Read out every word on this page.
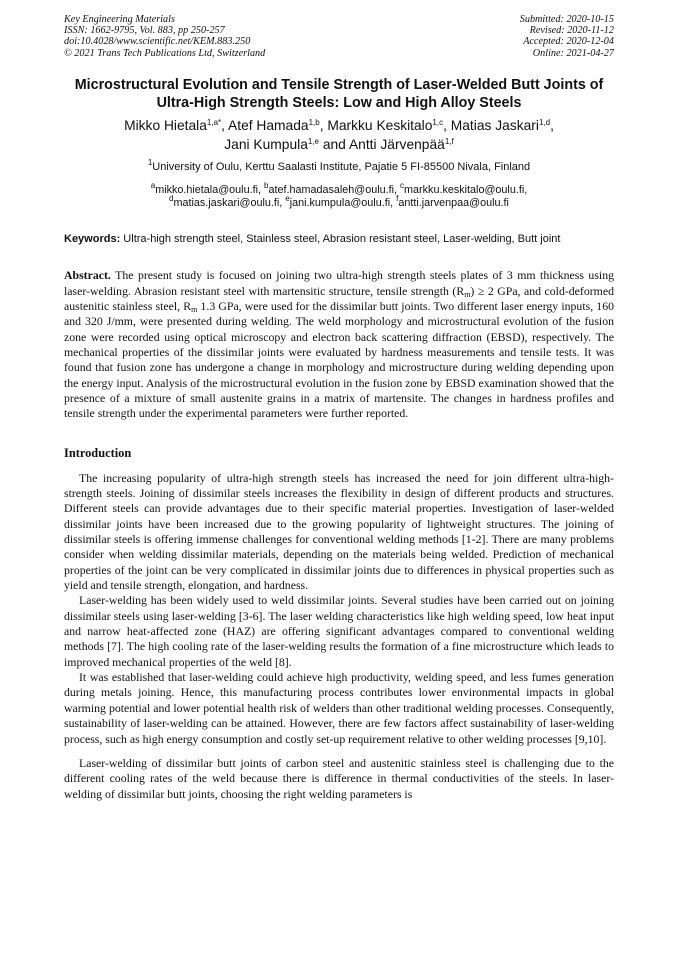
Key Engineering Materials
ISSN: 1662-9795, Vol. 883, pp 250-257
doi:10.4028/www.scientific.net/KEM.883.250
© 2021 Trans Tech Publications Ltd, Switzerland
Submitted: 2020-10-15
Revised: 2020-11-12
Accepted: 2020-12-04
Online: 2021-04-27
Microstructural Evolution and Tensile Strength of Laser-Welded Butt Joints of Ultra-High Strength Steels: Low and High Alloy Steels
Mikko Hietala$^{1,a*}$, Atef Hamada$^{1,b}$, Markku Keskitalo$^{1,c}$, Matias Jaskari$^{1,d}$,
Jani Kumpula$^{1,e}$ and Antti Järvenpää$^{1,f}$
$^1$University of Oulu, Kerttu Saalasti Institute, Pajatie 5 FI-85500 Nivala, Finland
$^a$mikko.hietala@oulu.fi, $^b$atef.hamadasaleh@oulu.fi, $^c$markku.keskitalo@oulu.fi,
$^d$matias.jaskari@oulu.fi, $^e$jani.kumpula@oulu.fi, $^f$antti.jarvenpaa@oulu.fi
Keywords: Ultra-high strength steel, Stainless steel, Abrasion resistant steel, Laser-welding, Butt joint

Abstract. The present study is focused on joining two ultra-high strength steels plates of 3 mm thickness using laser-welding. Abrasion resistant steel with martensitic structure, tensile strength $(R_m) \ge 2$ GPa, and cold-deformed austenitic stainless steel, $R_m$ 1.3 GPa, were used for the dissimilar butt joints. Two different laser energy inputs, 160 and 320 J/mm, were presented during welding. The weld morphology and microstructural evolution of the fusion zone were recorded using optical microscopy and electron back scattering diffraction (EBSD), respectively. The mechanical properties of the dissimilar joints were evaluated by hardness measurements and tensile tests. It was found that fusion zone has undergone a change in morphology and microstructure during welding depending upon the energy input. Analysis of the microstructural evolution in the fusion zone by EBSD examination showed that the presence of a mixture of small austenite grains in a matrix of martensite. The changes in hardness profiles and tensile strength under the experimental parameters were further reported.

Introduction

The increasing popularity of ultra-high strength steels has increased the need for join different ultra-high-strength steels. Joining of dissimilar steels increases the flexibility in design of different products and structures. Different steels can provide advantages due to their specific material properties. Investigation of laser-welded dissimilar joints have been increased due to the growing popularity of lightweight structures. The joining of dissimilar steels is offering immense challenges for conventional welding methods [1-2]. There are many problems consider when welding dissimilar materials, depending on the materials being welded. Prediction of mechanical properties of the joint can be very complicated in dissimilar joints due to differences in physical properties such as yield and tensile strength, elongation, and hardness.

Laser-welding has been widely used to weld dissimilar joints. Several studies have been carried out on joining dissimilar steels using laser-welding [3-6]. The laser welding characteristics like high welding speed, low heat input and narrow heat-affected zone (HAZ) are offering significant advantages compared to conventional welding methods [7]. The high cooling rate of the laser-welding results the formation of a fine microstructure which leads to improved mechanical properties of the weld [8].

It was established that laser-welding could achieve high productivity, welding speed, and less fumes generation during metals joining. Hence, this manufacturing process contributes lower environmental impacts in global warming potential and lower potential health risk of welders than other traditional welding processes. Consequently, sustainability of laser-welding can be attained. However, there are few factors affect sustainability of laser-welding process, such as high energy consumption and costly set-up requirement relative to other welding processes [9,10].

Laser-welding of dissimilar butt joints of carbon steel and austenitic stainless steel is challenging due to the different cooling rates of the weld because there is difference in thermal conductivities of the steels. In laser-welding of dissimilar butt joints, choosing the right welding parameters is
